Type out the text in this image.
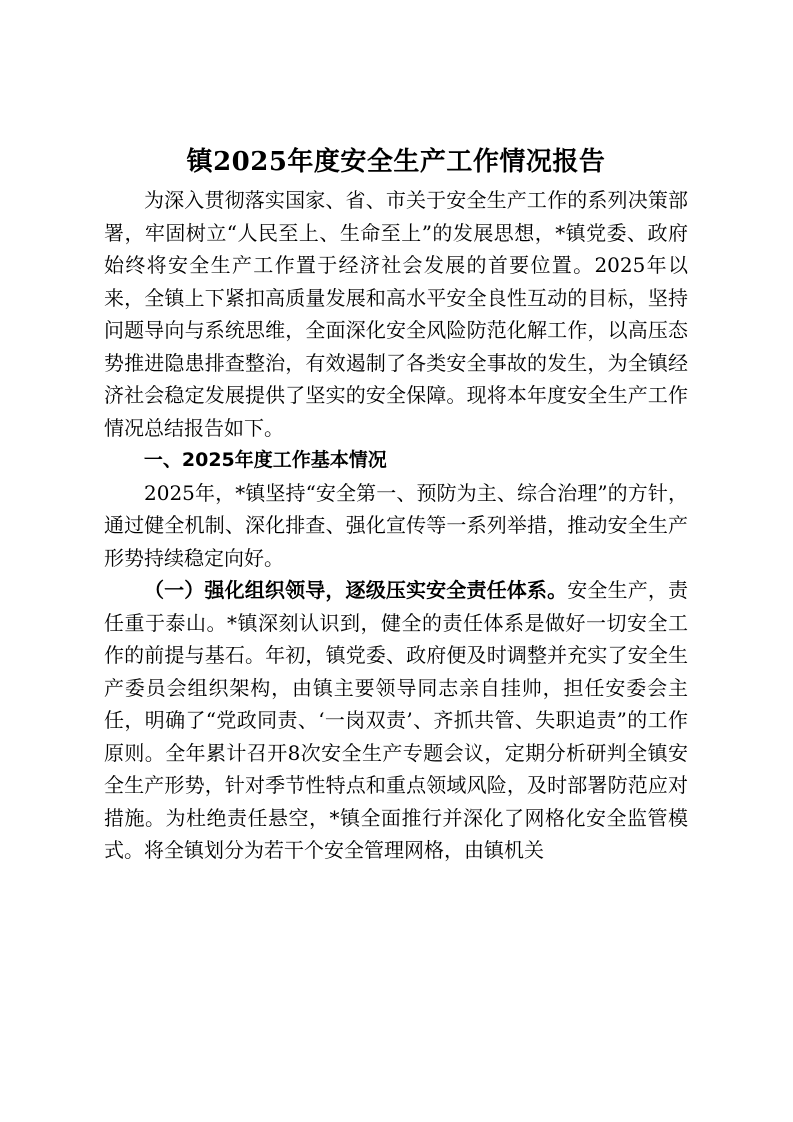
镇2025年度安全生产工作情况报告

为深入贯彻落实国家、省、市关于安全生产工作的系列决策部署，牢固树立“人民至上、生命至上”的发展思想，*镇党委、政府始终将安全生产工作置于经济社会发展的首要位置。2025年以来，全镇上下紧扣高质量发展和高水平安全良性互动的目标，坚持问题导向与系统思维，全面深化安全风险防范化解工作，以高压态势推进隐患排查整治，有效遏制了各类安全事故的发生，为全镇经济社会稳定发展提供了坚实的安全保障。现将本年度安全生产工作情况总结报告如下。

一、2025年度工作基本情况

2025年，*镇坚持“安全第一、预防为主、综合治理”的方针，通过健全机制、深化排查、强化宣传等一系列举措，推动安全生产形势持续稳定向好。

（一）强化组织领导，逐级压实安全责任体系。安全生产，责任重于泰山。*镇深刻认识到，健全的责任体系是做好一切安全工作的前提与基石。年初，镇党委、政府便及时调整并充实了安全生产委员会组织架构，由镇主要领导同志亲自挂帅，担任安委会主任，明确了“党政同责、‘一岗双责’、齐抓共管、失职追责”的工作原则。全年累计召开8次安全生产专题会议，定期分析研判全镇安全生产形势，针对季节性特点和重点领域风险，及时部署防范应对措施。为杜绝责任悬空，*镇全面推行并深化了网格化安全监管模式。将全镇划分为若干个安全管理网格，由镇机关
